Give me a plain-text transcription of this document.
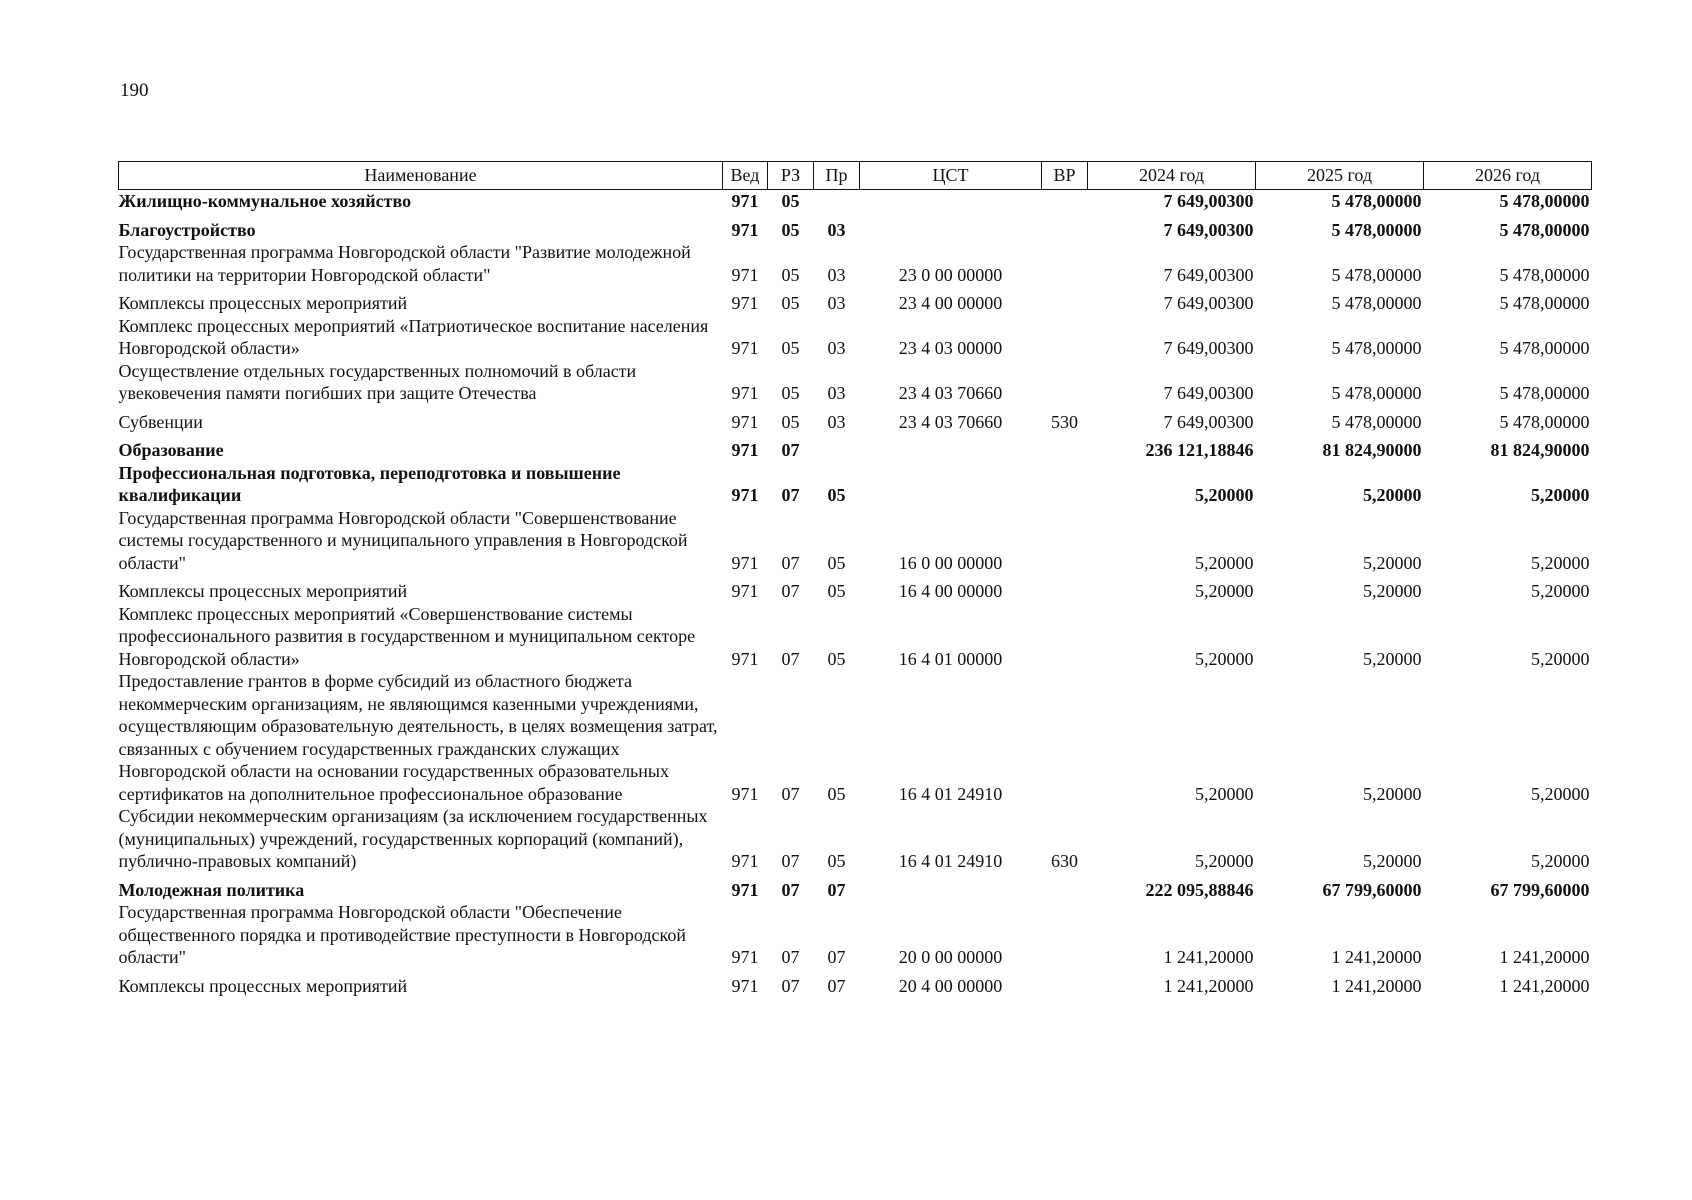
190
Наименование	Вед	РЗ	Пр	ЦСТ	ВР	2024 год	2025 год	2026 год
Жилищно-коммунальное хозяйство	971	05				7 649,00300	5 478,00000	5 478,00000
Благоустройство	971	05	03			7 649,00300	5 478,00000	5 478,00000
Государственная программа Новгородской области "Развитие молодежной политики на территории Новгородской области"	971	05	03	23 0 00 00000		7 649,00300	5 478,00000	5 478,00000
Комплексы процессных мероприятий	971	05	03	23 4 00 00000		7 649,00300	5 478,00000	5 478,00000
Комплекс процессных мероприятий «Патриотическое воспитание населения Новгородской области»	971	05	03	23 4 03 00000		7 649,00300	5 478,00000	5 478,00000
Осуществление отдельных государственных полномочий в области увековечения памяти погибших при защите Отечества	971	05	03	23 4 03 70660		7 649,00300	5 478,00000	5 478,00000
Субвенции	971	05	03	23 4 03 70660	530	7 649,00300	5 478,00000	5 478,00000
Образование	971	07				236 121,18846	81 824,90000	81 824,90000
Профессиональная подготовка, переподготовка и повышение квалификации	971	07	05			5,20000	5,20000	5,20000
Государственная программа Новгородской области "Совершенствование системы государственного и муниципального управления в Новгородской области"	971	07	05	16 0 00 00000		5,20000	5,20000	5,20000
Комплексы процессных мероприятий	971	07	05	16 4 00 00000		5,20000	5,20000	5,20000
Комплекс процессных мероприятий «Совершенствование системы профессионального развития в государственном и муниципальном секторе Новгородской области»	971	07	05	16 4 01 00000		5,20000	5,20000	5,20000
Предоставление грантов в форме субсидий из областного бюджета некоммерческим организациям, не являющимся казенными учреждениями, осуществляющим образовательную деятельность, в целях возмещения затрат, связанных с обучением государственных гражданских служащих Новгородской области на основании государственных образовательных сертификатов на дополнительное профессиональное образование	971	07	05	16 4 01 24910		5,20000	5,20000	5,20000
Субсидии некоммерческим организациям (за исключением государственных (муниципальных) учреждений, государственных корпораций (компаний), публично-правовых компаний)	971	07	05	16 4 01 24910	630	5,20000	5,20000	5,20000
Молодежная политика	971	07	07			222 095,88846	67 799,60000	67 799,60000
Государственная программа Новгородской области "Обеспечение общественного порядка и противодействие преступности в Новгородской области"	971	07	07	20 0 00 00000		1 241,20000	1 241,20000	1 241,20000
Комплексы процессных мероприятий	971	07	07	20 4 00 00000		1 241,20000	1 241,20000	1 241,20000
